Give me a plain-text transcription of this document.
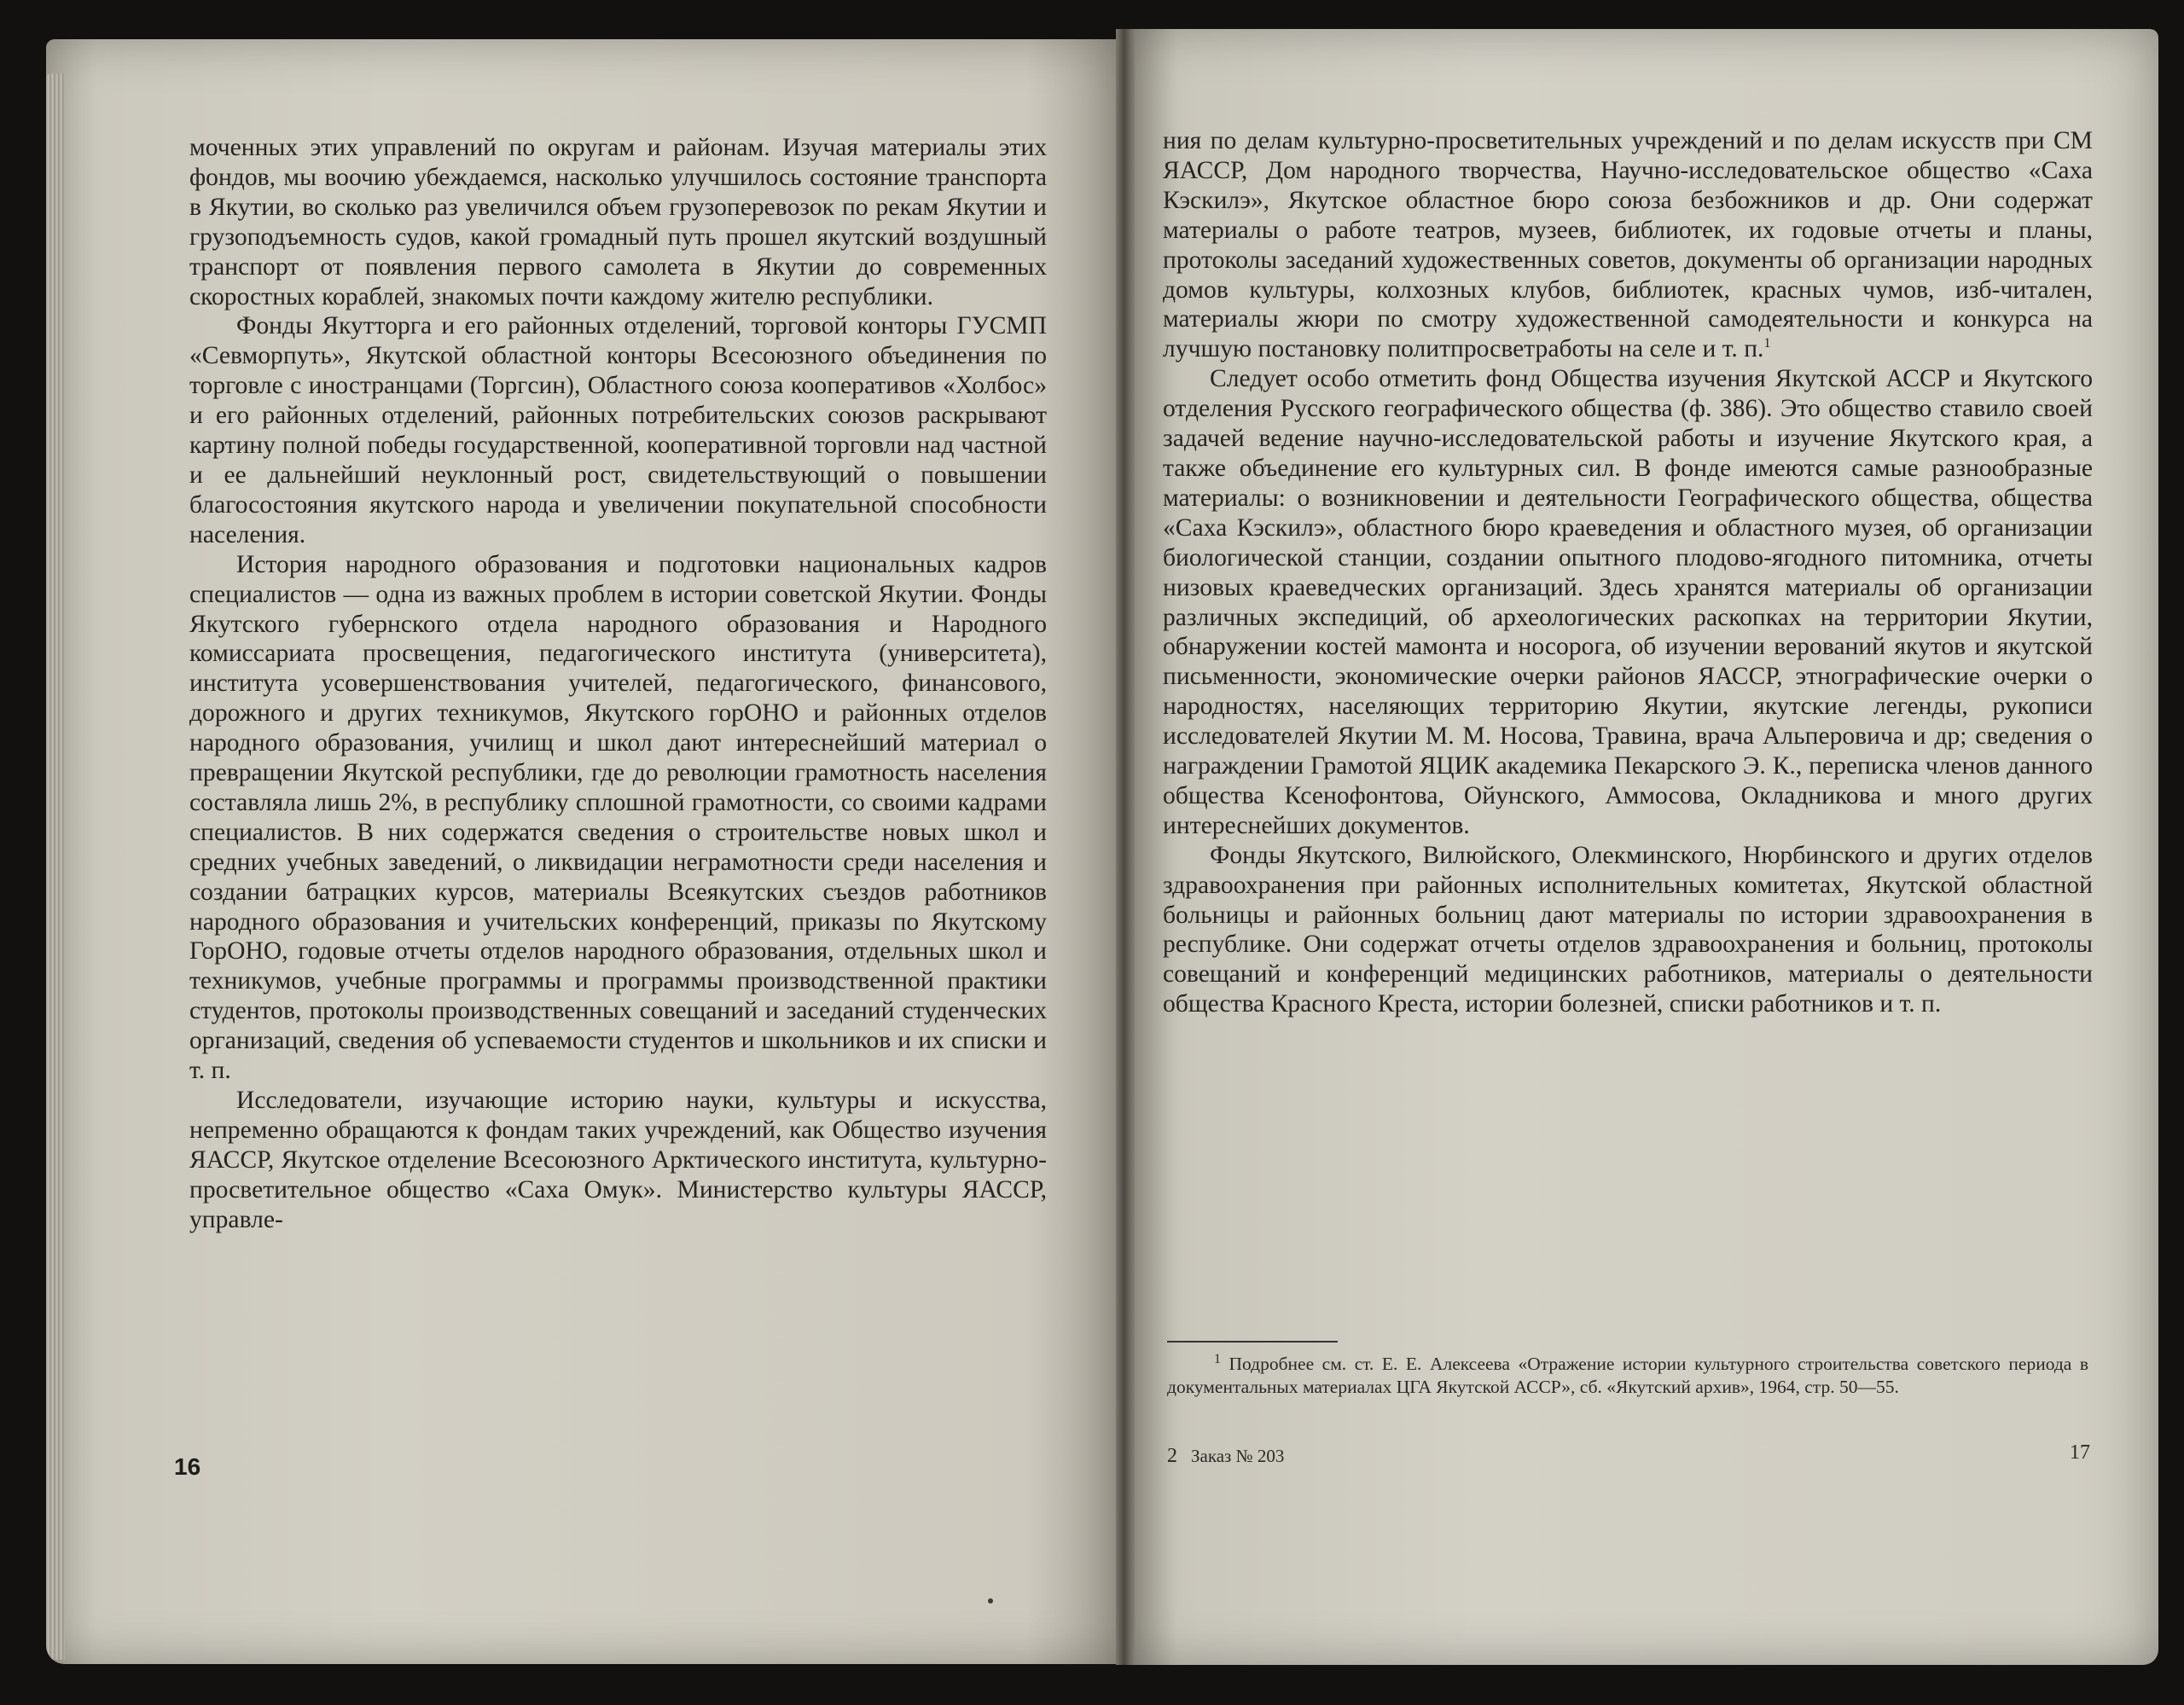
моченных этих управлений по округам и районам. Изучая материалы этих фондов, мы воочию убеждаемся, насколько улучшилось состояние транспорта в Якутии, во сколько раз увеличился объем грузоперевозок по рекам Якутии и грузоподъемность судов, какой громадный путь прошел якутский воздушный транспорт от появления первого самолета в Якутии до современных скоростных кораблей, знакомых почти каждому жителю республики.

Фонды Якутторга и его районных отделений, торговой конторы ГУСМП «Севморпуть», Якутской областной конторы Всесоюзного объединения по торговле с иностранцами (Торгсин), Областного союза кооперативов «Холбос» и его районных отделений, районных потребительских союзов раскрывают картину полной победы государственной, кооперативной торговли над частной и ее дальнейший неуклонный рост, свидетельствующий о повышении благосостояния якутского народа и увеличении покупательной способности населения.

История народного образования и подготовки национальных кадров специалистов — одна из важных проблем в истории советской Якутии. Фонды Якутского губернского отдела народного образования и Народного комиссариата просвещения, педагогического института (университета), института усовершенствования учителей, педагогического, финансового, дорожного и других техникумов, Якутского горОНО и районных отделов народного образования, училищ и школ дают интереснейший материал о превращении Якутской республики, где до революции грамотность населения составляла лишь 2%, в республику сплошной грамотности, со своими кадрами специалистов. В них содержатся сведения о строительстве новых школ и средних учебных заведений, о ликвидации неграмотности среди населения и создании батрацких курсов, материалы Всеякутских съездов работников народного образования и учительских конференций, приказы по Якутскому ГорОНО, годовые отчеты отделов народного образования, отдельных школ и техникумов, учебные программы и программы производственной практики студентов, протоколы производственных совещаний и заседаний студенческих организаций, сведения об успеваемости студентов и школьников и их списки и т. п.

Исследователи, изучающие историю науки, культуры и искусства, непременно обращаются к фондам таких учреждений, как Общество изучения ЯАССР, Якутское отделение Всесоюзного Арктического института, культурно-просветительное общество «Саха Омук». Министерство культуры ЯАССР, управле-

16

ния по делам культурно-просветительных учреждений и по делам искусств при СМ ЯАССР, Дом народного творчества, Научно-исследовательское общество «Саха Кэскилэ», Якутское областное бюро союза безбожников и др. Они содержат материалы о работе театров, музеев, библиотек, их годовые отчеты и планы, протоколы заседаний художественных советов, документы об организации народных домов культуры, колхозных клубов, библиотек, красных чумов, изб-читален, материалы жюри по смотру художественной самодеятельности и конкурса на лучшую постановку политпросветработы на селе и т. п.$^1$

Следует особо отметить фонд Общества изучения Якутской АССР и Якутского отделения Русского географического общества (ф. 386). Это общество ставило своей задачей ведение научно-исследовательской работы и изучение Якутского края, а также объединение его культурных сил. В фонде имеются самые разнообразные материалы: о возникновении и деятельности Географического общества, общества «Саха Кэскилэ», областного бюро краеведения и областного музея, об организации биологической станции, создании опытного плодово-ягодного питомника, отчеты низовых краеведческих организаций. Здесь хранятся материалы об организации различных экспедиций, об археологических раскопках на территории Якутии, обнаружении костей мамонта и носорога, об изучении верований якутов и якутской письменности, экономические очерки районов ЯАССР, этнографические очерки о народностях, населяющих территорию Якутии, якутские легенды, рукописи исследователей Якутии М. М. Носова, Травина, врача Альперовича и др; сведения о награждении Грамотой ЯЦИК академика Пекарского Э. К., переписка членов данного общества Ксенофонтова, Ойунского, Аммосова, Окладникова и много других интереснейших документов.

Фонды Якутского, Вилюйского, Олекминского, Нюрбинского и других отделов здравоохранения при районных исполнительных комитетах, Якутской областной больницы и районных больниц дают материалы по истории здравоохранения в республике. Они содержат отчеты отделов здравоохранения и больниц, протоколы совещаний и конференций медицинских работников, материалы о деятельности общества Красного Креста, истории болезней, списки работников и т. п.

$^1$ Подробнее см. ст. Е. Е. Алексеева «Отражение истории культурного строительства советского периода в документальных материалах ЦГА Якутской АССР», сб. «Якутский архив», 1964, стр. 50—55.
2 Заказ № 203	17
